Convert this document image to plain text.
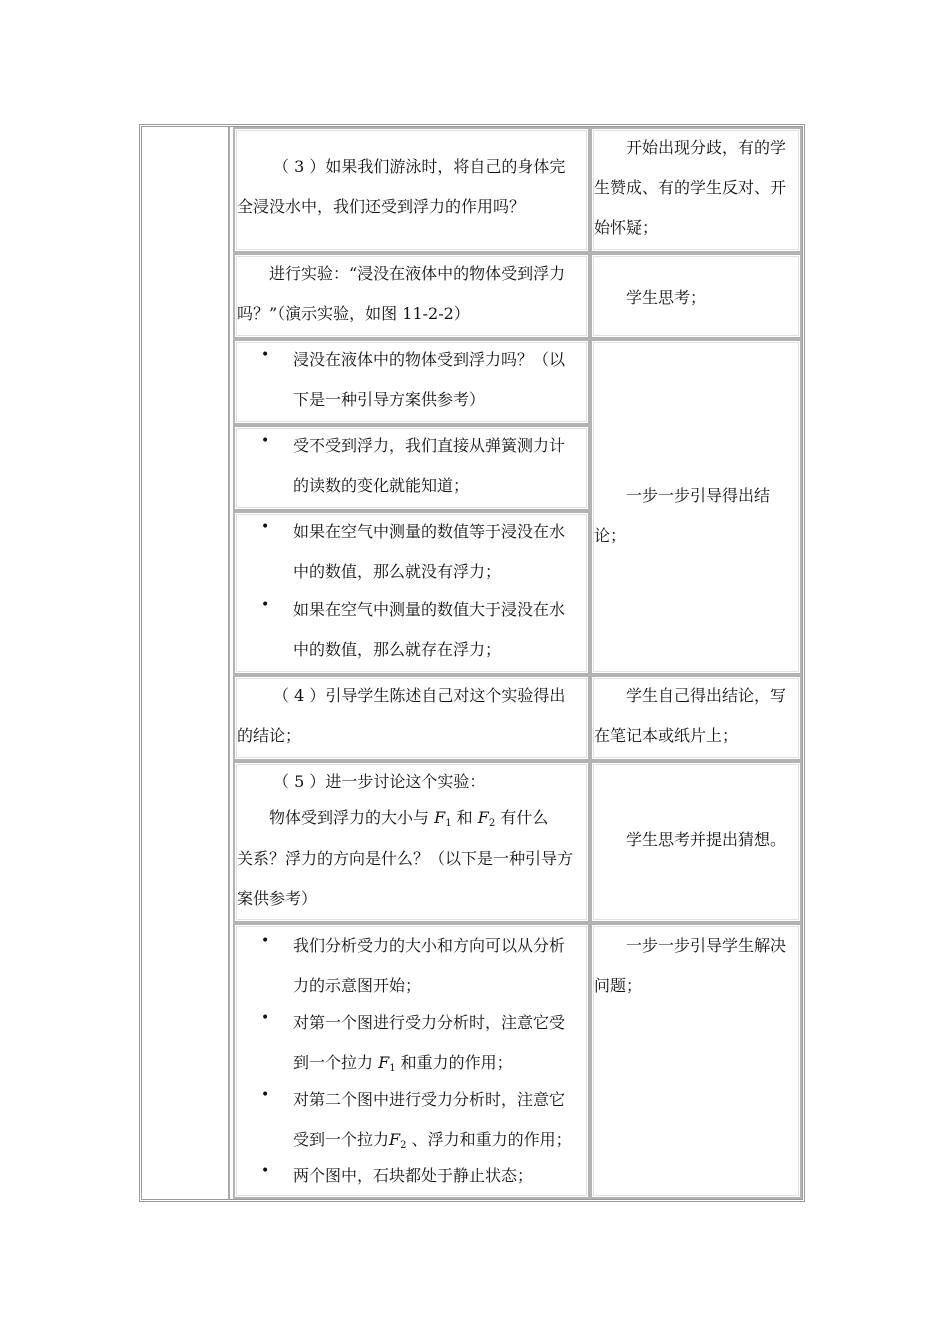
（ 3 ）如果我们游泳时，将自己的身体完
全浸没水中，我们还受到浮力的作用吗？
开始出现分歧，有的学
生赞成、有的学生反对、开
始怀疑；
进行实验：“浸没在液体中的物体受到浮力
吗？”（演示实验，如图 11-2-2）
学生思考；
• 浸没在液体中的物体受到浮力吗？（以
下是一种引导方案供参考）
• 受不受到浮力，我们直接从弹簧测力计
的读数的变化就能知道；
• 如果在空气中测量的数值等于浸没在水
中的数值，那么就没有浮力；
• 如果在空气中测量的数值大于浸没在水
中的数值，那么就存在浮力；
一步一步引导得出结
论；
（ 4 ）引导学生陈述自己对这个实验得出
的结论；
学生自己得出结论，写
在笔记本或纸片上；
（ 5 ）进一步讨论这个实验：
物体受到浮力的大小与 F1 和 F2 有什么
关系？浮力的方向是什么？（以下是一种引导方
案供参考）
学生思考并提出猜想。
• 我们分析受力的大小和方向可以从分析
力的示意图开始；
• 对第一个图进行受力分析时，注意它受
到一个拉力 F1 和重力的作用；
• 对第二个图中进行受力分析时，注意它
受到一个拉力F2 、浮力和重力的作用；
• 两个图中，石块都处于静止状态；
一步一步引导学生解决
问题；
